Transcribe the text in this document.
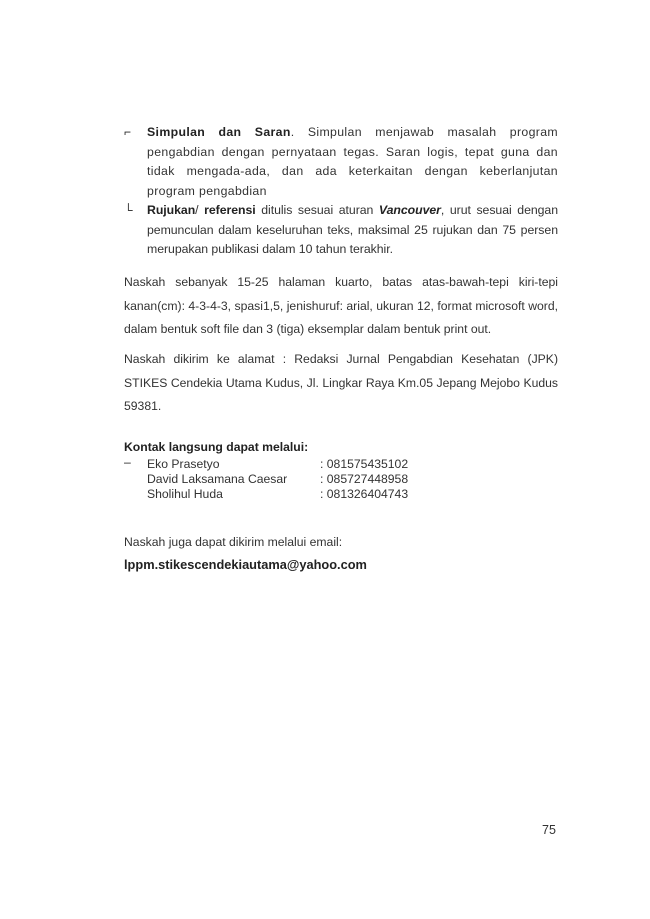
⌐ Simpulan dan Saran. Simpulan menjawab masalah program pengabdian dengan pernyataan tegas. Saran logis, tepat guna dan tidak mengada-ada, dan ada keterkaitan dengan keberlanjutan program pengabdian
└ Rujukan/ referensi ditulis sesuai aturan Vancouver, urut sesuai dengan pemunculan dalam keseluruhan teks, maksimal 25 rujukan dan 75 persen merupakan publikasi dalam 10 tahun terakhir.

Naskah sebanyak 15-25 halaman kuarto, batas atas-bawah-tepi kiri-tepi kanan(cm): 4-3-4-3, spasi1,5, jenishuruf: arial, ukuran 12, format microsoft word, dalam bentuk soft file dan 3 (tiga) eksemplar dalam bentuk print out.

Naskah dikirim ke alamat : Redaksi Jurnal Pengabdian Kesehatan (JPK) STIKES Cendekia Utama Kudus, Jl. Lingkar Raya Km.05 Jepang Mejobo Kudus 59381.

Kontak langsung dapat melalui:
– Eko Prasetyo	: 081575435102
David Laksamana Caesar	: 085727448958
Sholihul Huda	: 081326404743
Naskah juga dapat dikirim melalui email:
lppm.stikescendekiautama@yahoo.com
75
